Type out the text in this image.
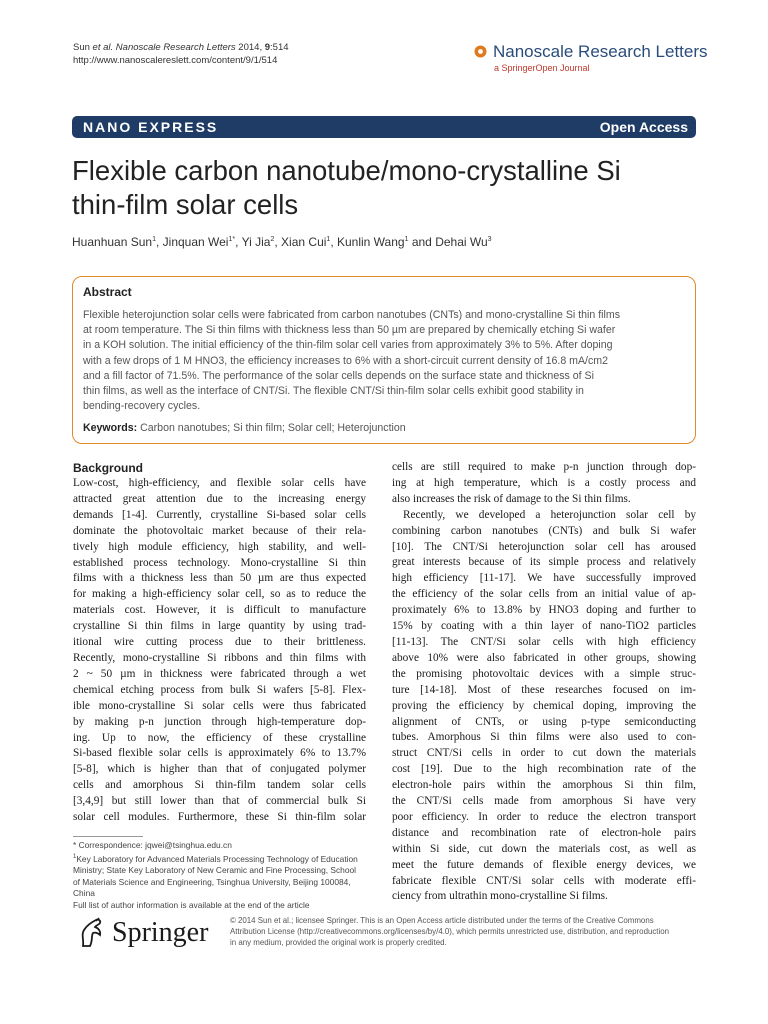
Sun et al. Nanoscale Research Letters 2014, 9:514
http://www.nanoscalereslett.com/content/9/1/514	Nanoscale Research Letters
a SpringerOpen Journal
NANO EXPRESS	Open Access
Flexible carbon nanotube/mono-crystalline Si
thin-film solar cells
Huanhuan Sun$^1$, Jinquan Wei$^{1*}$, Yi Jia$^2$, Xian Cui$^1$, Kunlin Wang$^1$ and Dehai Wu$^3$
Abstract
Flexible heterojunction solar cells were fabricated from carbon nanotubes (CNTs) and mono-crystalline Si thin films
at room temperature. The Si thin films with thickness less than 50 µm are prepared by chemically etching Si wafer
in a KOH solution. The initial efficiency of the thin-film solar cell varies from approximately 3% to 5%. After doping
with a few drops of 1 M HNO3, the efficiency increases to 6% with a short-circuit current density of 16.8 mA/cm2
and a fill factor of 71.5%. The performance of the solar cells depends on the surface state and thickness of Si
thin films, as well as the interface of CNT/Si. The flexible CNT/Si thin-film solar cells exhibit good stability in
bending-recovery cycles.
Keywords: Carbon nanotubes; Si thin film; Solar cell; Heterojunction
Background
Low-cost, high-efficiency, and flexible solar cells have
attracted great attention due to the increasing energy
demands [1-4]. Currently, crystalline Si-based solar cells
dominate the photovoltaic market because of their rela-
tively high module efficiency, high stability, and well-
established process technology. Mono-crystalline Si thin
films with a thickness less than 50 µm are thus expected
for making a high-efficiency solar cell, so as to reduce the
materials cost. However, it is difficult to manufacture
crystalline Si thin films in large quantity by using trad-
itional wire cutting process due to their brittleness.
Recently, mono-crystalline Si ribbons and thin films with
2 ~ 50 µm in thickness were fabricated through a wet
chemical etching process from bulk Si wafers [5-8]. Flex-
ible mono-crystalline Si solar cells were thus fabricated
by making p-n junction through high-temperature dop-
ing. Up to now, the efficiency of these crystalline
Si-based flexible solar cells is approximately 6% to 13.7%
[5-8], which is higher than that of conjugated polymer
cells and amorphous Si thin-film tandem solar cells
[3,4,9] but still lower than that of commercial bulk Si
solar cell modules. Furthermore, these Si thin-film solar
cells are still required to make p-n junction through dop-
ing at high temperature, which is a costly process and
also increases the risk of damage to the Si thin films.
Recently, we developed a heterojunction solar cell by
combining carbon nanotubes (CNTs) and bulk Si wafer
[10]. The CNT/Si heterojunction solar cell has aroused
great interests because of its simple process and relatively
high efficiency [11-17]. We have successfully improved
the efficiency of the solar cells from an initial value of ap-
proximately 6% to 13.8% by HNO3 doping and further to
15% by coating with a thin layer of nano-TiO2 particles
[11-13]. The CNT/Si solar cells with high efficiency
above 10% were also fabricated in other groups, showing
the promising photovoltaic devices with a simple struc-
ture [14-18]. Most of these researches focused on im-
proving the efficiency by chemical doping, improving the
alignment of CNTs, or using p-type semiconducting
tubes. Amorphous Si thin films were also used to con-
struct CNT/Si cells in order to cut down the materials
cost [19]. Due to the high recombination rate of the
electron-hole pairs within the amorphous Si thin film,
the CNT/Si cells made from amorphous Si have very
poor efficiency. In order to reduce the electron transport
distance and recombination rate of electron-hole pairs
within Si side, cut down the materials cost, as well as
meet the future demands of flexible energy devices, we
fabricate flexible CNT/Si solar cells with moderate effi-
ciency from ultrathin mono-crystalline Si films.
* Correspondence: jqwei@tsinghua.edu.cn
$^1$Key Laboratory for Advanced Materials Processing Technology of Education
Ministry; State Key Laboratory of New Ceramic and Fine Processing, School
of Materials Science and Engineering, Tsinghua University, Beijing 100084,
China
Full list of author information is available at the end of the article
Springer	© 2014 Sun et al.; licensee Springer. This is an Open Access article distributed under the terms of the Creative Commons
Attribution License (http://creativecommons.org/licenses/by/4.0), which permits unrestricted use, distribution, and reproduction
in any medium, provided the original work is properly credited.
